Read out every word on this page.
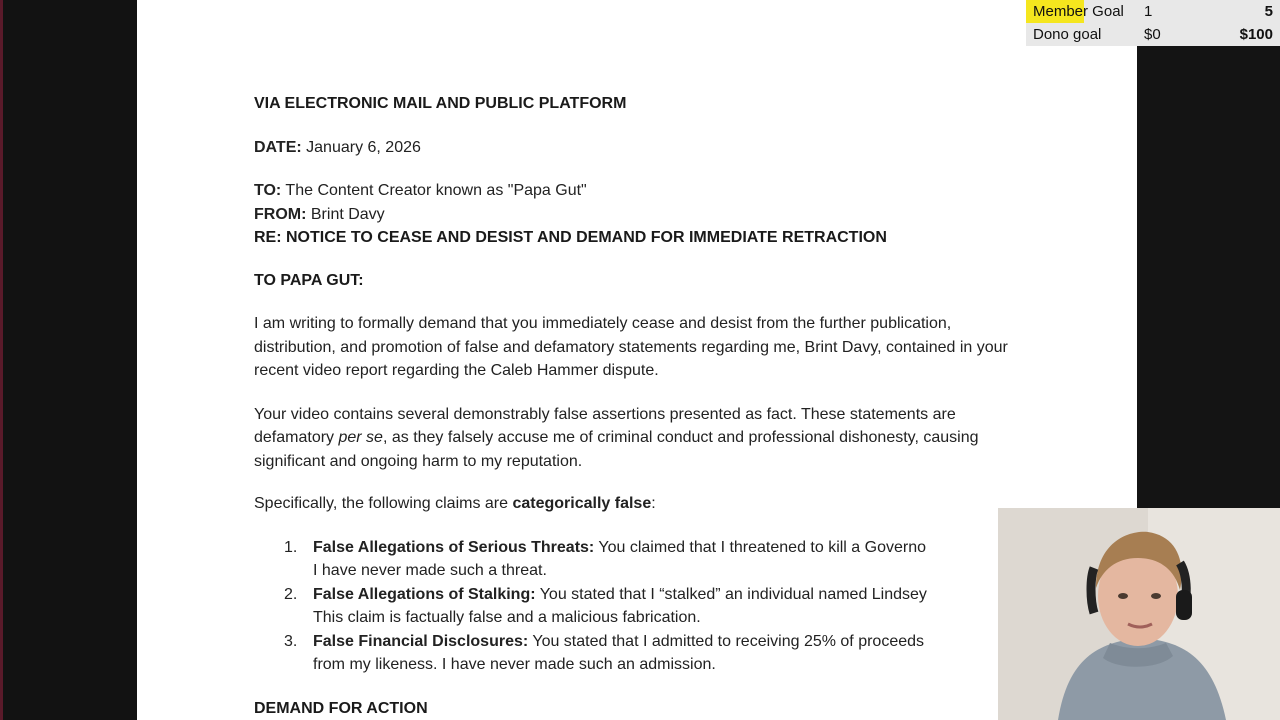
VIA ELECTRONIC MAIL AND PUBLIC PLATFORM

DATE: January 6, 2026

TO: The Content Creator known as "Papa Gut"

FROM: Brint Davy

RE: NOTICE TO CEASE AND DESIST AND DEMAND FOR IMMEDIATE RETRACTION

TO PAPA GUT:

I am writing to formally demand that you immediately cease and desist from the further publication, distribution, and promotion of false and defamatory statements regarding me, Brint Davy, contained in your recent video report regarding the Caleb Hammer dispute.

Your video contains several demonstrably false assertions presented as fact. These statements are defamatory per se, as they falsely accuse me of criminal conduct and professional dishonesty, causing significant and ongoing harm to my reputation.

Specifically, the following claims are categorically false:

1. False Allegations of Serious Threats: You claimed that I threatened to kill a Governo
I have never made such a threat.
2. False Allegations of Stalking: You stated that I “stalked” an individual named Lindsey
This claim is factually false and a malicious fabrication.
3. False Financial Disclosures: You stated that I admitted to receiving 25% of proceeds
from my likeness. I have never made such an admission.

DEMAND FOR ACTION

Member Goal 1	5
Dono goal	$0	$100
